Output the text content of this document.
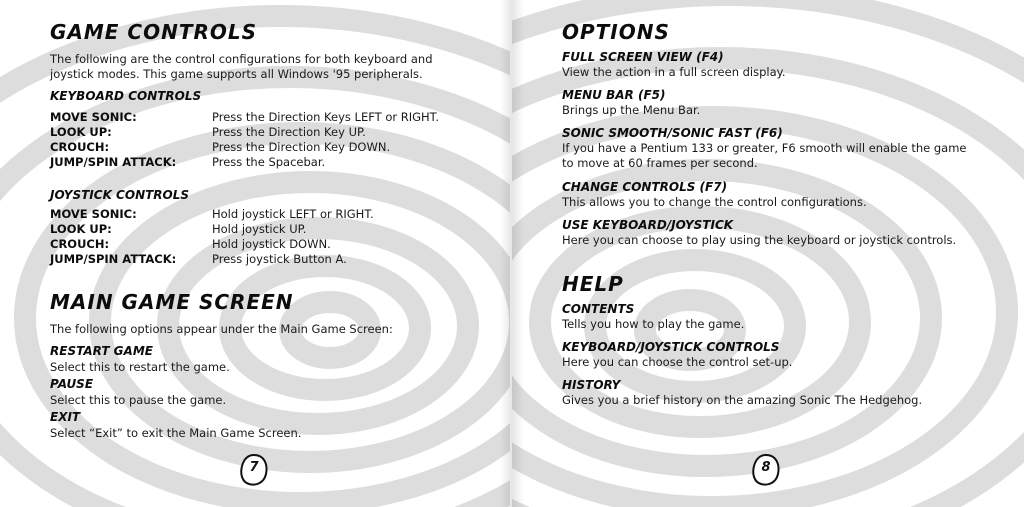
GAME CONTROLS
The following are the control configurations for both keyboard and
joystick modes. This game supports all Windows '95 peripherals.
KEYBOARD CONTROLS
MOVE SONIC:	Press the Direction Keys LEFT or RIGHT.
LOOK UP:	Press the Direction Key UP.
CROUCH:	Press the Direction Key DOWN.
JUMP/SPIN ATTACK:	Press the Spacebar.
JOYSTICK CONTROLS
MOVE SONIC:	Hold joystick LEFT or RIGHT.
LOOK UP:	Hold joystick UP.
CROUCH:	Hold joystick DOWN.
JUMP/SPIN ATTACK:	Press joystick Button A.
MAIN GAME SCREEN
The following options appear under the Main Game Screen:
RESTART GAME
Select this to restart the game.
PAUSE
Select this to pause the game.
EXIT
Select “Exit” to exit the Main Game Screen.
7
OPTIONS
FULL SCREEN VIEW (F4)
View the action in a full screen display.
MENU BAR (F5)
Brings up the Menu Bar.
SONIC SMOOTH/SONIC FAST (F6)
If you have a Pentium 133 or greater, F6 smooth will enable the game
to move at 60 frames per second.
CHANGE CONTROLS (F7)
This allows you to change the control configurations.
USE KEYBOARD/JOYSTICK
Here you can choose to play using the keyboard or joystick controls.
HELP
CONTENTS
Tells you how to play the game.
KEYBOARD/JOYSTICK CONTROLS
Here you can choose the control set-up.
HISTORY
Gives you a brief history on the amazing Sonic The Hedgehog.
8
